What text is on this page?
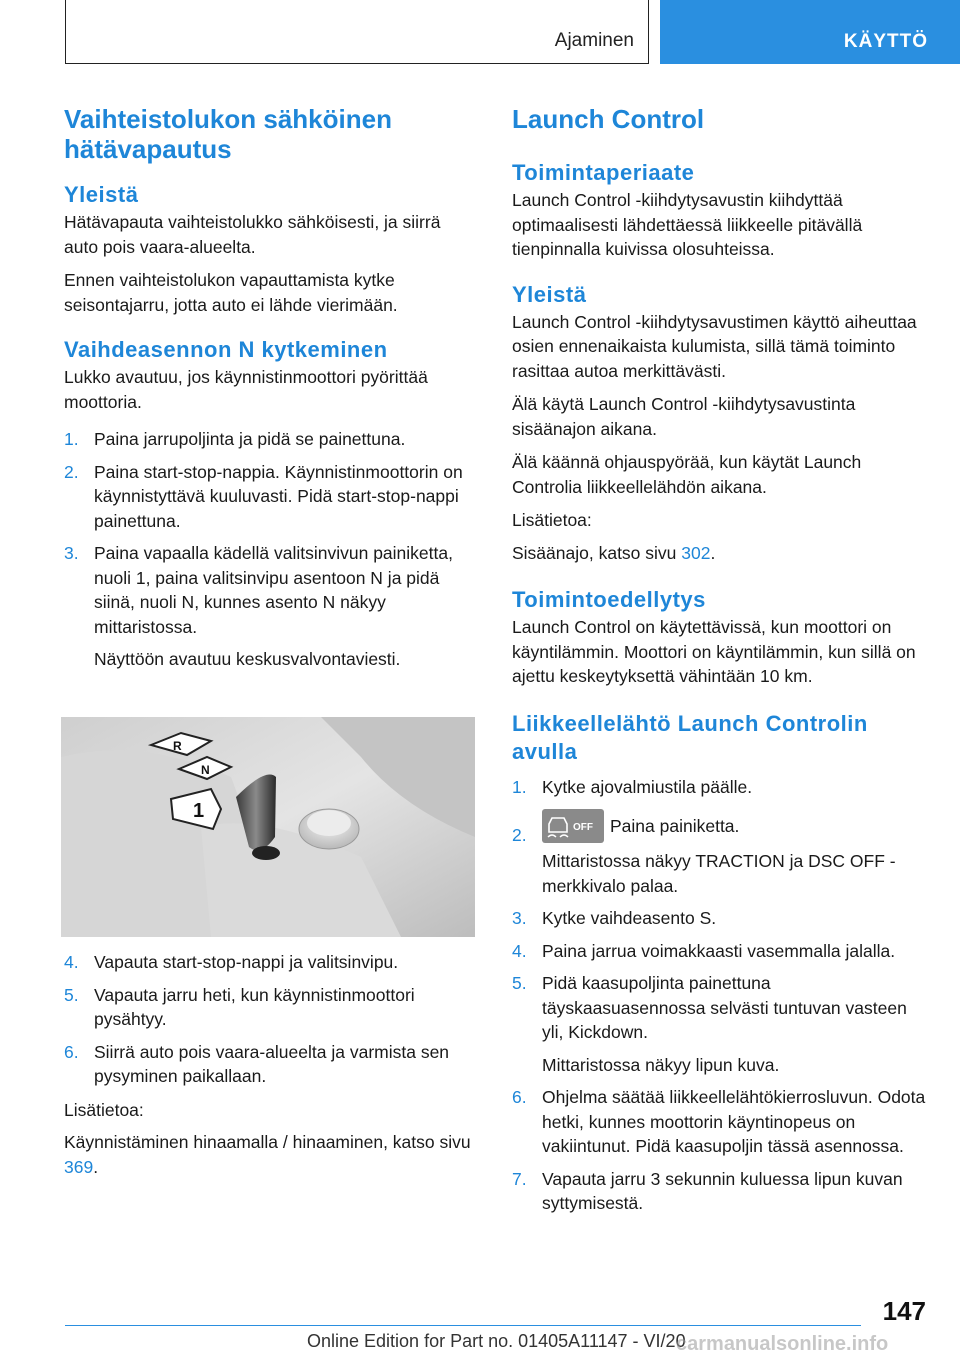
Ajaminen	KÄYTTÖ
Vaihteistolukon sähköinen hätävapautus
Yleistä

Hätävapauta vaihteistolukko sähköisesti, ja siirrä auto pois vaara-alueelta.

Ennen vaihteistolukon vapauttamista kytke seisontajarru, jotta auto ei lähde vierimään.

Vaihdeasennon N kytkeminen

Lukko avautuu, jos käynnistinmoottori pyörittää moottoria.

1. Paina jarrupoljinta ja pidä se painettuna.
2. Paina start-stop-nappia. Käynnistinmoottorin on käynnistyttävä kuuluvasti. Pidä start-stop-nappi painettuna.
3. Paina vapaalla kädellä valitsinvivun painiketta, nuoli 1, paina valitsinvipu asentoon N ja pidä siinä, nuoli N, kunnes asento N näkyy mittaristossa.
Näyttöön avautuu keskusvalvontaviesti.
R
N
1
4. Vapauta start-stop-nappi ja valitsinvipu.
5. Vapauta jarru heti, kun käynnistinmoottori pysähtyy.
6. Siirrä auto pois vaara-alueelta ja varmista sen pysyminen paikallaan.

Lisätietoa:

Käynnistäminen hinaamalla / hinaaminen, katso sivu 369.

Launch Control
Toimintaperiaate

Launch Control -kiihdytysavustin kiihdyttää optimaalisesti lähdettäessä liikkeelle pitävällä tienpinnalla kuivissa olosuhteissa.

Yleistä

Launch Control -kiihdytysavustimen käyttö aiheuttaa osien ennenaikaista kulumista, sillä tämä toiminto rasittaa autoa merkittävästi.

Älä käytä Launch Control -kiihdytysavustinta sisäänajon aikana.

Älä käännä ohjauspyörää, kun käytät Launch Controlia liikkeellelähdön aikana.

Lisätietoa:

Sisäänajo, katso sivu 302.

Toimintoedellytys

Launch Control on käytettävissä, kun moottori on käyntilämmin. Moottori on käyntilämmin, kun sillä on ajettu keskeytyksettä vähintään 10 km.

Liikkeellelähtö Launch Controlin avulla
1. Kytke ajovalmiustila päälle.
2.	OFF Paina painiketta.
Mittaristossa näkyy TRACTION ja DSC OFF -merkkivalo palaa.
3. Kytke vaihdeasento S.
4. Paina jarrua voimakkaasti vasemmalla jalalla.
5. Pidä kaasupoljinta painettuna täyskaasuasennossa selvästi tuntuvan vasteen yli, Kickdown.
Mittaristossa näkyy lipun kuva.
6. Ohjelma säätää liikkeellelähtökierrosluvun. Odota hetki, kunnes moottorin käyntinopeus on vakiintunut. Pidä kaasupoljin tässä asennossa.
7. Vapauta jarru 3 sekunnin kuluessa lipun kuvan syttymisestä.
147
Online Edition for Part no. 01405A11147 - VI/20
carmanualsonline.info
